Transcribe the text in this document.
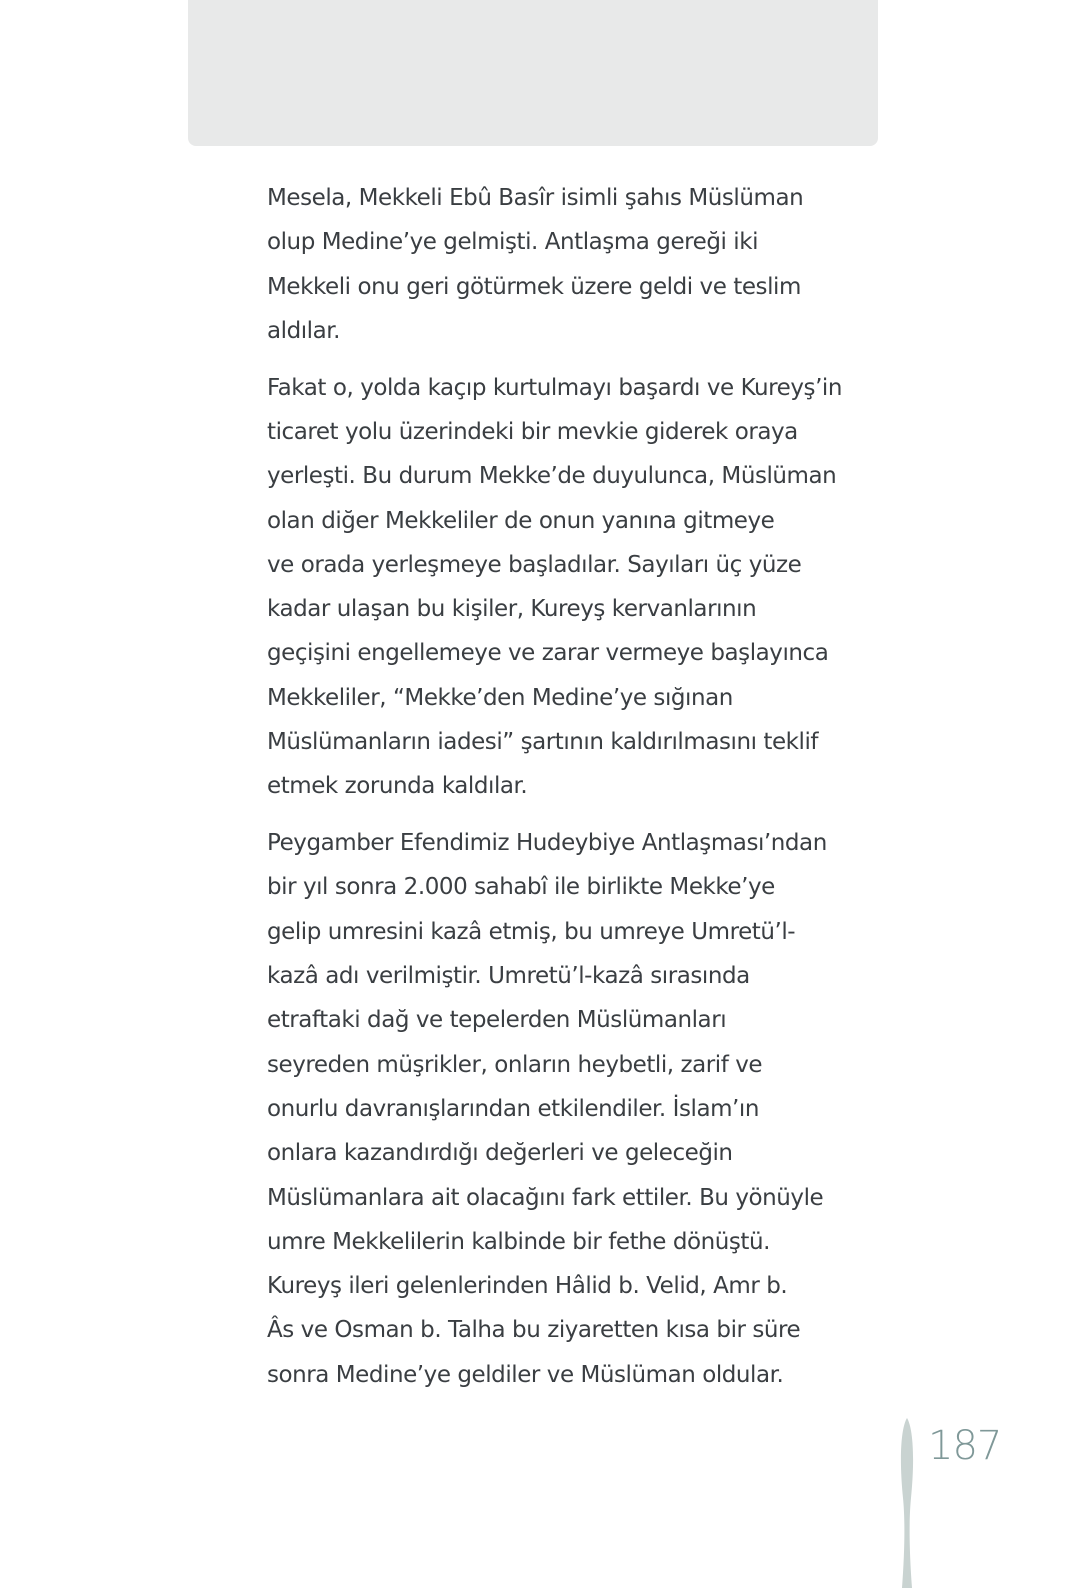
Mesela, Mekkeli Ebû Basîr isimli şahıs Müslüman
olup Medine’ye gelmişti. Antlaşma gereği iki
Mekkeli onu geri götürmek üzere geldi ve teslim
aldılar.
Fakat o, yolda kaçıp kurtulmayı başardı ve Kureyş’in
ticaret yolu üzerindeki bir mevkie giderek oraya
yerleşti. Bu durum Mekke’de duyulunca, Müslüman
olan diğer Mekkeliler de onun yanına gitmeye
ve orada yerleşmeye başladılar. Sayıları üç yüze
kadar ulaşan bu kişiler, Kureyş kervanlarının
geçişini engellemeye ve zarar vermeye başlayınca
Mekkeliler, “Mekke’den Medine’ye sığınan
Müslümanların iadesi” şartının kaldırılmasını teklif
etmek zorunda kaldılar.
Peygamber Efendimiz Hudeybiye Antlaşması’ndan
bir yıl sonra 2.000 sahabî ile birlikte Mekke’ye
gelip umresini kazâ etmiş, bu umreye Umretü’l-
kazâ adı verilmiştir. Umretü’l-kazâ sırasında
etraftaki dağ ve tepelerden Müslümanları
seyreden müşrikler, onların heybetli, zarif ve
onurlu davranışlarından etkilendiler. İslam’ın
onlara kazandırdığı değerleri ve geleceğin
Müslümanlara ait olacağını fark ettiler. Bu yönüyle
umre Mekkelilerin kalbinde bir fethe dönüştü.
Kureyş ileri gelenlerinden Hâlid b. Velid, Amr b.
Âs ve Osman b. Talha bu ziyaretten kısa bir süre
sonra Medine’ye geldiler ve Müslüman oldular.
187
